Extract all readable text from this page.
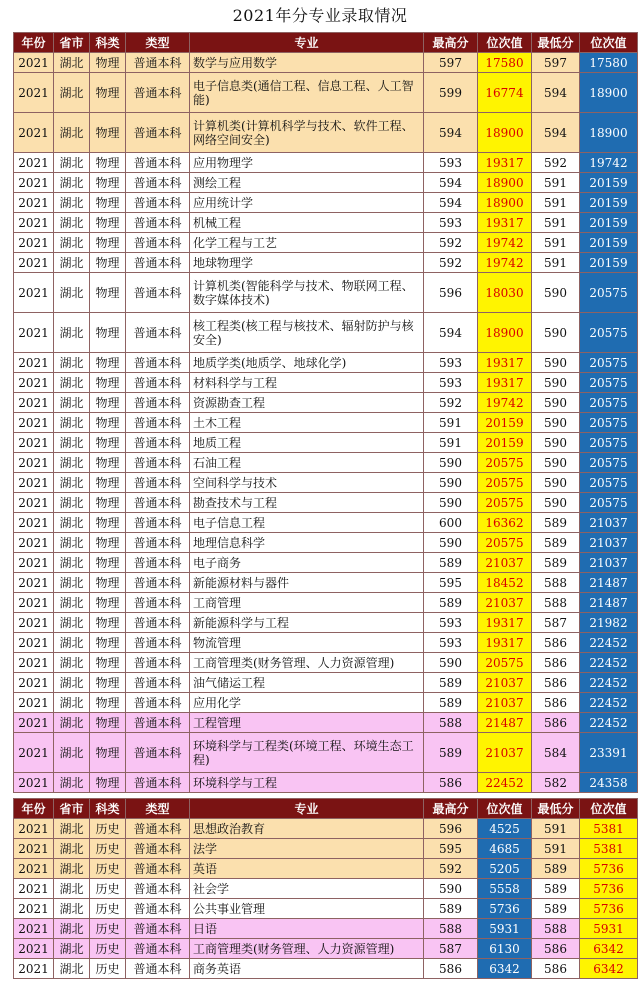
2021年分专业录取情况
年份	省市	科类	类型	专业	最高分	位次值	最低分	位次值
2021	湖北	物理	普通本科	数学与应用数学	597	17580	597	17580
2021	湖北	物理	普通本科	电子信息类(通信工程、信息工程、人工智能)	599	16774	594	18900
2021	湖北	物理	普通本科	计算机类(计算机科学与技术、软件工程、网络空间安全)	594	18900	594	18900
2021	湖北	物理	普通本科	应用物理学	593	19317	592	19742
2021	湖北	物理	普通本科	测绘工程	594	18900	591	20159
2021	湖北	物理	普通本科	应用统计学	594	18900	591	20159
2021	湖北	物理	普通本科	机械工程	593	19317	591	20159
2021	湖北	物理	普通本科	化学工程与工艺	592	19742	591	20159
2021	湖北	物理	普通本科	地球物理学	592	19742	591	20159
2021	湖北	物理	普通本科	计算机类(智能科学与技术、物联网工程、数字媒体技术)	596	18030	590	20575
2021	湖北	物理	普通本科	核工程类(核工程与核技术、辐射防护与核安全)	594	18900	590	20575
2021	湖北	物理	普通本科	地质学类(地质学、地球化学)	593	19317	590	20575
2021	湖北	物理	普通本科	材料科学与工程	593	19317	590	20575
2021	湖北	物理	普通本科	资源勘查工程	592	19742	590	20575
2021	湖北	物理	普通本科	土木工程	591	20159	590	20575
2021	湖北	物理	普通本科	地质工程	591	20159	590	20575
2021	湖北	物理	普通本科	石油工程	590	20575	590	20575
2021	湖北	物理	普通本科	空间科学与技术	590	20575	590	20575
2021	湖北	物理	普通本科	勘查技术与工程	590	20575	590	20575
2021	湖北	物理	普通本科	电子信息工程	600	16362	589	21037
2021	湖北	物理	普通本科	地理信息科学	590	20575	589	21037
2021	湖北	物理	普通本科	电子商务	589	21037	589	21037
2021	湖北	物理	普通本科	新能源材料与器件	595	18452	588	21487
2021	湖北	物理	普通本科	工商管理	589	21037	588	21487
2021	湖北	物理	普通本科	新能源科学与工程	593	19317	587	21982
2021	湖北	物理	普通本科	物流管理	593	19317	586	22452
2021	湖北	物理	普通本科	工商管理类(财务管理、人力资源管理)	590	20575	586	22452
2021	湖北	物理	普通本科	油气储运工程	589	21037	586	22452
2021	湖北	物理	普通本科	应用化学	589	21037	586	22452
2021	湖北	物理	普通本科	工程管理	588	21487	586	22452
2021	湖北	物理	普通本科	环境科学与工程类(环境工程、环境生态工程)	589	21037	584	23391
2021	湖北	物理	普通本科	环境科学与工程	586	22452	582	24358
年份	省市	科类	类型	专业	最高分	位次值	最低分	位次值
2021	湖北	历史	普通本科	思想政治教育	596	4525	591	5381
2021	湖北	历史	普通本科	法学	595	4685	591	5381
2021	湖北	历史	普通本科	英语	592	5205	589	5736
2021	湖北	历史	普通本科	社会学	590	5558	589	5736
2021	湖北	历史	普通本科	公共事业管理	589	5736	589	5736
2021	湖北	历史	普通本科	日语	588	5931	588	5931
2021	湖北	历史	普通本科	工商管理类(财务管理、人力资源管理)	587	6130	586	6342
2021	湖北	历史	普通本科	商务英语	586	6342	586	6342
